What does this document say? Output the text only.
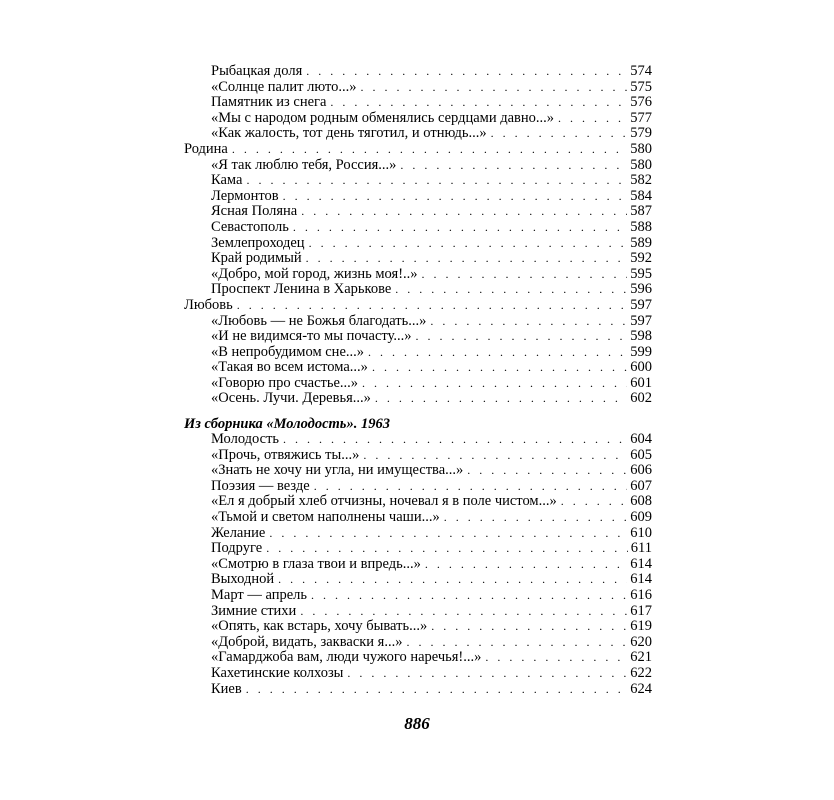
Рыбацкая доля . . .	574
«Солнце палит люто...» . . .	575
Памятник из снега . . .	576
«Мы с народом родным обменялись сердцами давно...» . . .	577
«Как жалость, тот день тяготил, и отнюдь...» . . .	579
Родина . . .	580
«Я так люблю тебя, Россия...» . . .	580
Кама . . .	582
Лермонтов . . .	584
Ясная Поляна . . .	587
Севастополь . . .	588
Землепроходец . . .	589
Край родимый . . .	592
«Добро, мой город, жизнь моя!..» . . .	595
Проспект Ленина в Харькове . . .	596
Любовь . . .	597
«Любовь — не Божья благодать...» . . .	597
«И не видимся-то мы почасту...» . . .	598
«В непробудимом сне...» . . .	599
«Такая во всем истома...» . . .	600
«Говорю про счастье...» . . .	601
«Осень. Лучи. Деревья...» . . .	602
Из сборника «Молодость». 1963
Молодость . . .	604
«Прочь, отвяжись ты...» . . .	605
«Знать не хочу ни угла, ни имущества...» . . .	606
Поэзия — везде . . .	607
«Ел я добрый хлеб отчизны, ночевал я в поле чистом...» . . .	608
«Тьмой и светом наполнены чаши...» . . .	609
Желание . . .	610
Подруге . . .	611
«Смотрю в глаза твои и впредь...» . . .	614
Выходной . . .	614
Март — апрель . . .	616
Зимние стихи . . .	617
«Опять, как встарь, хочу бывать...» . . .	619
«Доброй, видать, закваски я...» . . .	620
«Гамарджоба вам, люди чужого наречья!...» . . .	621
Кахетинские колхозы . . .	622
Киев . . .	624
886
